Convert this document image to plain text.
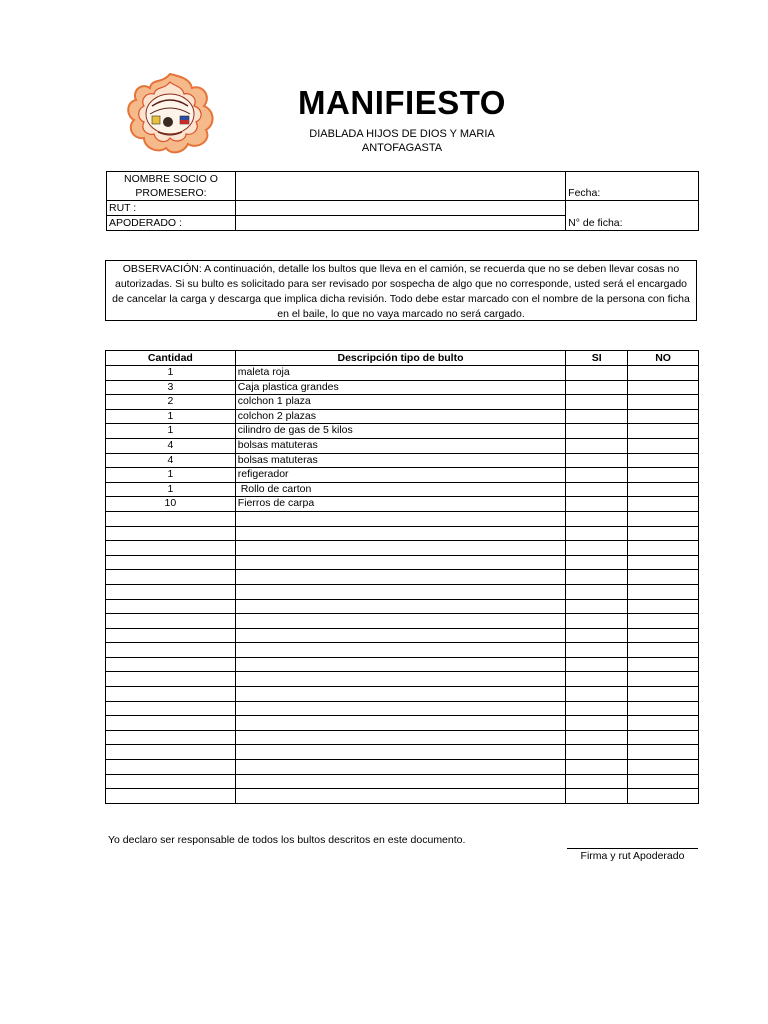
MANIFIESTO
DIABLADA HIJOS DE DIOS Y MARIA
ANTOFAGASTA
NOMBRE SOCIO O		
PROMESERO:		Fecha:
RUT :		
APODERADO :		N° de ficha:
OBSERVACIÓN: A continuación, detalle los bultos que lleva en el camión, se recuerda que no se deben llevar cosas no
autorizadas. Si su bulto es solicitado para ser revisado por sospecha de algo que no corresponde, usted será el encargado
de cancelar la carga y descarga que implica dicha revisión. Todo debe estar marcado con el nombre de la persona con ficha
en el baile, lo que no vaya marcado no será cargado.
Cantidad	Descripción tipo de bulto	SI	NO
1	maleta roja		
3	Caja plastica grandes		
2	colchon 1 plaza		
1	colchon 2 plazas		
1	cilindro de gas de 5 kilos		
4	bolsas matuteras		
4	bolsas matuteras		
1	refigerador		
1	Rollo de carton		
10	Fierros de carpa		

Yo declaro ser responsable de todos los bultos descritos en este documento.
Firma y rut Apoderado
